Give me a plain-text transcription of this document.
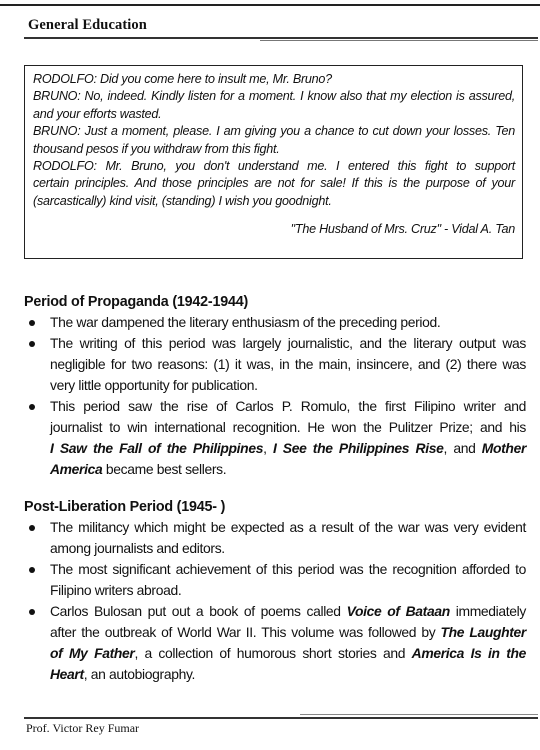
General Education
RODOLFO: Did you come here to insult me, Mr. Bruno?
BRUNO: No, indeed. Kindly listen for a moment. I know also that my election is assured,
and your efforts wasted.
BRUNO: Just a moment, please. I am giving you a chance to cut down your losses. Ten
thousand pesos if you withdraw from this fight.
RODOLFO: Mr. Bruno, you don't understand me. I entered this fight to support
certain principles. And those principles are not for sale! If this is the purpose of your
(sarcastically) kind visit, (standing) I wish you goodnight.
"The Husband of Mrs. Cruz" - Vidal A. Tan
Period of Propaganda (1942-1944)
The war dampened the literary enthusiasm of the preceding period.
The writing of this period was largely journalistic, and the literary output was
negligible for two reasons: (1) it was, in the main, insincere, and (2) there was
very little opportunity for publication.
This period saw the rise of Carlos P. Romulo, the first Filipino writer and
journalist to win international recognition. He won the Pulitzer Prize; and his
I Saw the Fall of the Philippines, I See the Philippines Rise, and Mother
America became best sellers.
Post-Liberation Period (1945- )
The militancy which might be expected as a result of the war was very evident
among journalists and editors.
The most significant achievement of this period was the recognition afforded to
Filipino writers abroad.
Carlos Bulosan put out a book of poems called Voice of Bataan immediately
after the outbreak of World War II. This volume was followed by The Laughter
of My Father, a collection of humorous short stories and America Is in the
Heart, an autobiography.
Prof. Victor Rey Fumar
